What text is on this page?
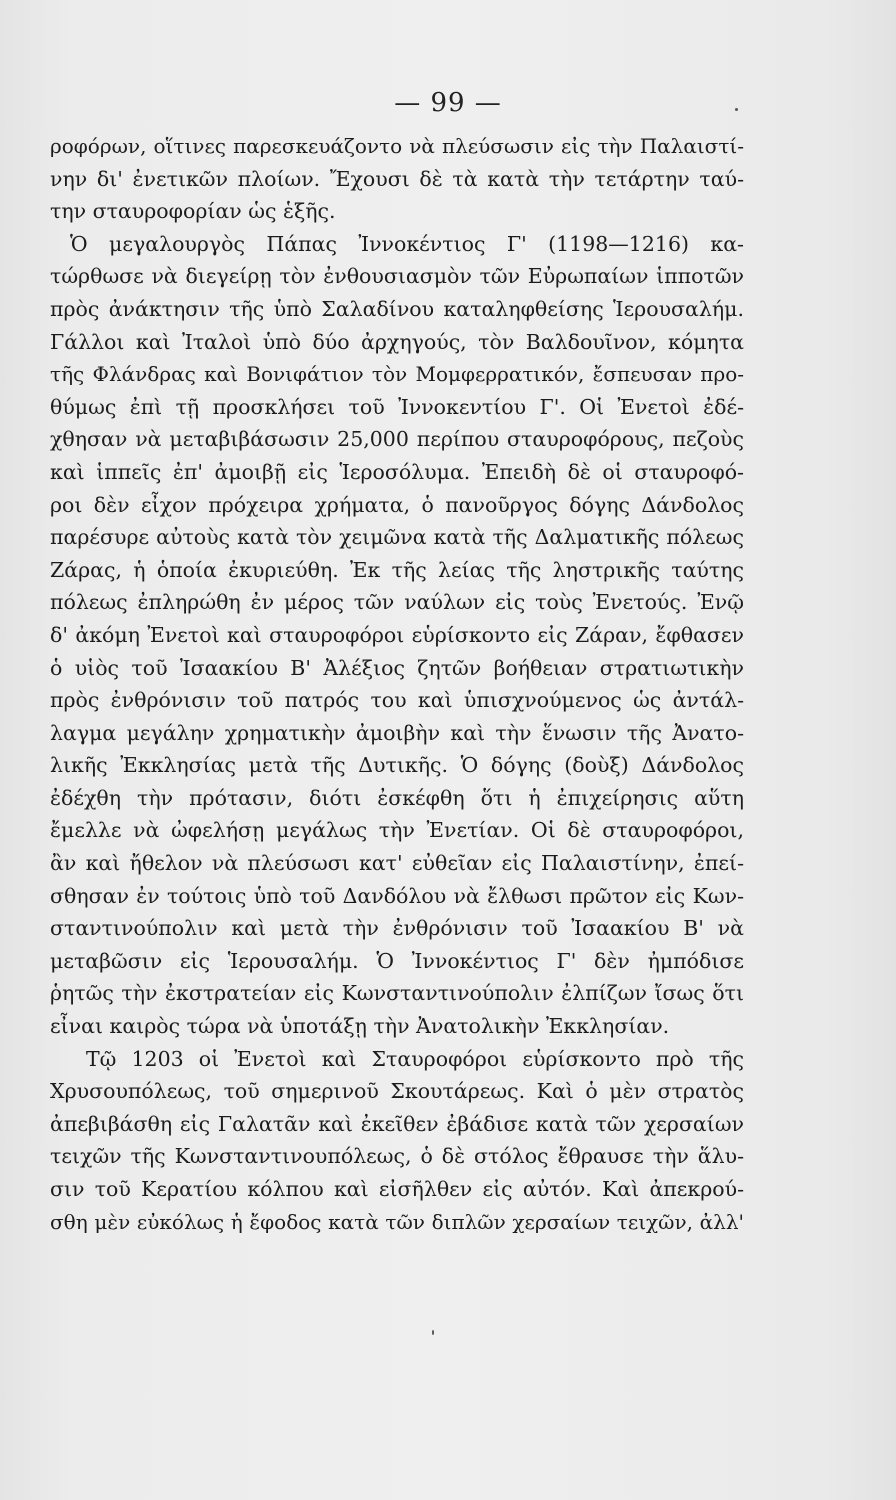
— 99 —
ροφόρων, οἵτινες παρεσκευάζοντο νὰ πλεύσωσιν εἰς τὴν Παλαιστί-
νην δι' ἐνετικῶν πλοίων. Ἔχουσι δὲ τὰ κατὰ τὴν τετάρτην ταύ-
την σταυροφορίαν ὡς ἑξῆς.
Ὁ μεγαλουργὸς Πάπας Ἰννοκέντιος Γ' (1198—1216) κα-
τώρθωσε νὰ διεγείρῃ τὸν ἐνθουσιασμὸν τῶν Εὐρωπαίων ἱπποτῶν
πρὸς ἀνάκτησιν τῆς ὑπὸ Σαλαδίνου καταληφθείσης Ἱερουσαλήμ.
Γάλλοι καὶ Ἰταλοὶ ὑπὸ δύο ἀρχηγούς, τὸν Βαλδουῖνον, κόμητα
τῆς Φλάνδρας καὶ Βονιφάτιον τὸν Μομφερρατικόν, ἔσπευσαν προ-
θύμως ἐπὶ τῇ προσκλήσει τοῦ Ἰννοκεντίου Γ'. Οἱ Ἐνετοὶ ἐδέ-
χθησαν νὰ μεταβιβάσωσιν 25,000 περίπου σταυροφόρους, πεζοὺς
καὶ ἱππεῖς ἐπ' ἀμοιβῇ εἰς Ἱεροσόλυμα. Ἐπειδὴ δὲ οἱ σταυροφό-
ροι δὲν εἶχον πρόχειρα χρήματα, ὁ πανοῦργος δόγης Δάνδολος
παρέσυρε αὐτοὺς κατὰ τὸν χειμῶνα κατὰ τῆς Δαλματικῆς πόλεως
Ζάρας, ἡ ὁποία ἐκυριεύθη. Ἐκ τῆς λείας τῆς ληστρικῆς ταύτης
πόλεως ἐπληρώθη ἐν μέρος τῶν ναύλων εἰς τοὺς Ἐνετούς. Ἐνῷ
δ' ἀκόμη Ἐνετοὶ καὶ σταυροφόροι εὑρίσκοντο εἰς Ζάραν, ἔφθασεν
ὁ υἱὸς τοῦ Ἰσαακίου Β' Ἀλέξιος ζητῶν βοήθειαν στρατιωτικὴν
πρὸς ἐνθρόνισιν τοῦ πατρός του καὶ ὑπισχνούμενος ὡς ἀντάλ-
λαγμα μεγάλην χρηματικὴν ἀμοιβὴν καὶ τὴν ἕνωσιν τῆς Ἀνατο-
λικῆς Ἐκκλησίας μετὰ τῆς Δυτικῆς. Ὁ δόγης (δοὺξ) Δάνδολος
ἐδέχθη τὴν πρότασιν, διότι ἐσκέφθη ὅτι ἡ ἐπιχείρησις αὕτη
ἔμελλε νὰ ὠφελήσῃ μεγάλως τὴν Ἐνετίαν. Οἱ δὲ σταυροφόροι,
ἂν καὶ ἤθελον νὰ πλεύσωσι κατ' εὐθεῖαν εἰς Παλαιστίνην, ἐπεί-
σθησαν ἐν τούτοις ὑπὸ τοῦ Δανδόλου νὰ ἔλθωσι πρῶτον εἰς Κων-
σταντινούπολιν καὶ μετὰ τὴν ἐνθρόνισιν τοῦ Ἰσαακίου Β' νὰ
μεταβῶσιν εἰς Ἱερουσαλήμ. Ὁ Ἰννοκέντιος Γ' δὲν ἠμπόδισε
ῥητῶς τὴν ἐκστρατείαν εἰς Κωνσταντινούπολιν ἐλπίζων ἴσως ὅτι
εἶναι καιρὸς τώρα νὰ ὑποτάξῃ τὴν Ἀνατολικὴν Ἐκκλησίαν.
Τῷ 1203 οἱ Ἐνετοὶ καὶ Σταυροφόροι εὑρίσκοντο πρὸ τῆς
Χρυσουπόλεως, τοῦ σημερινοῦ Σκουτάρεως. Καὶ ὁ μὲν στρατὸς
ἀπεβιβάσθη εἰς Γαλατᾶν καὶ ἐκεῖθεν ἐβάδισε κατὰ τῶν χερσαίων
τειχῶν τῆς Κωνσταντινουπόλεως, ὁ δὲ στόλος ἔθραυσε τὴν ἅλυ-
σιν τοῦ Κερατίου κόλπου καὶ εἰσῆλθεν εἰς αὐτόν. Καὶ ἀπεκρού-
σθη μὲν εὐκόλως ἡ ἔφοδος κατὰ τῶν διπλῶν χερσαίων τειχῶν, ἀλλ'
